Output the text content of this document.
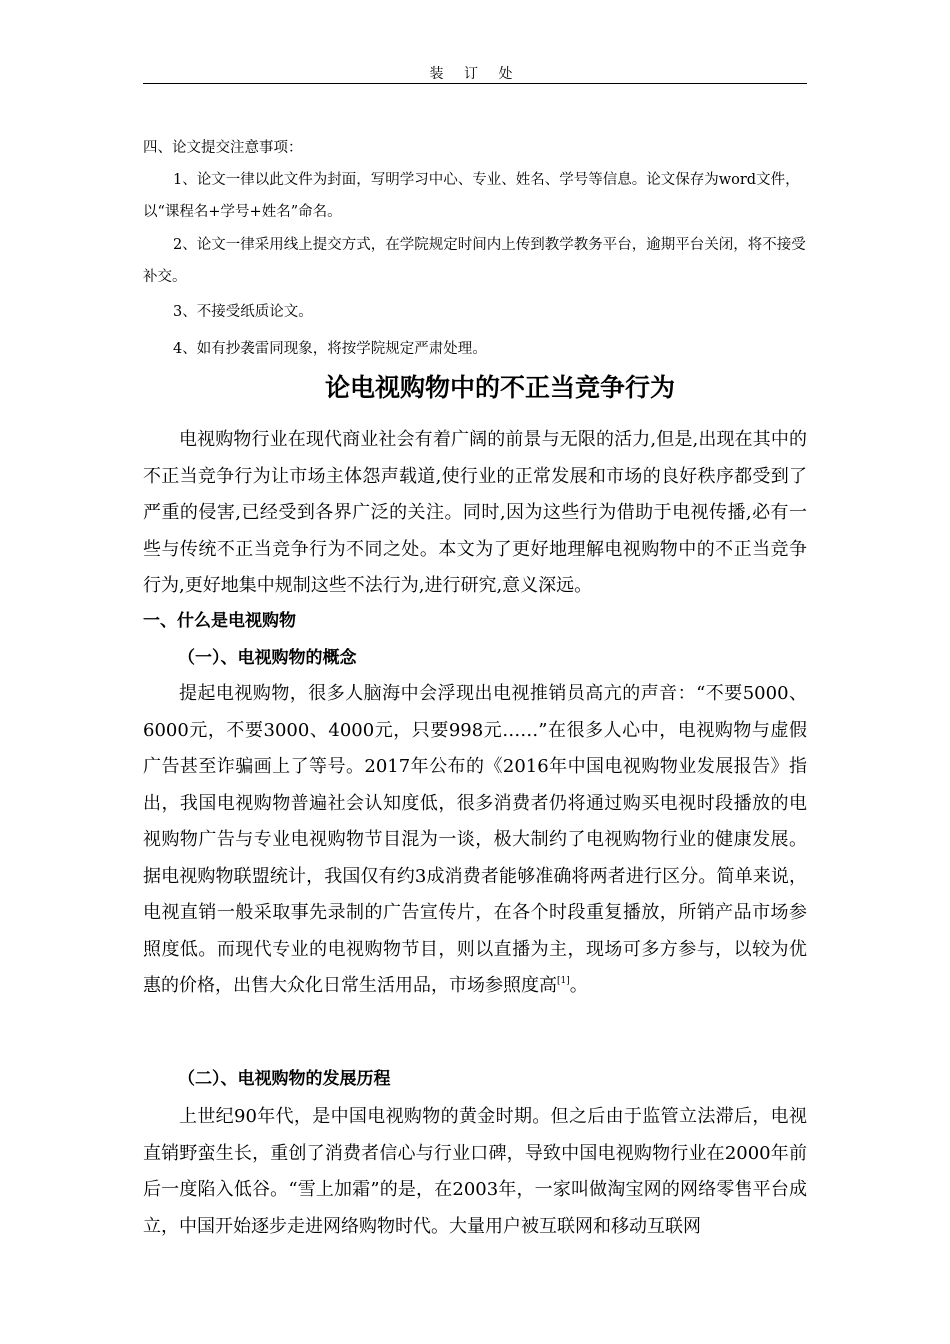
装 订 处
四、论文提交注意事项：
1、论文一律以此文件为封面，写明学习中心、专业、姓名、学号等信息。论文保存为word文件，以“课程名+学号+姓名”命名。
2、论文一律采用线上提交方式，在学院规定时间内上传到教学教务平台，逾期平台关闭，将不接受补交。
3、不接受纸质论文。
4、如有抄袭雷同现象，将按学院规定严肃处理。
论电视购物中的不正当竞争行为
电视购物行业在现代商业社会有着广阔的前景与无限的活力,但是,出现在其中的不正当竞争行为让市场主体怨声载道,使行业的正常发展和市场的良好秩序都受到了严重的侵害,已经受到各界广泛的关注。同时,因为这些行为借助于电视传播,必有一些与传统不正当竞争行为不同之处。本文为了更好地理解电视购物中的不正当竞争行为,更好地集中规制这些不法行为,进行研究,意义深远。
一、什么是电视购物
（一）、电视购物的概念
提起电视购物，很多人脑海中会浮现出电视推销员高亢的声音：“不要5000、6000元，不要3000、4000元，只要998元……”在很多人心中，电视购物与虚假广告甚至诈骗画上了等号。2017年公布的《2016年中国电视购物业发展报告》指出，我国电视购物普遍社会认知度低，很多消费者仍将通过购买电视时段播放的电视购物广告与专业电视购物节目混为一谈，极大制约了电视购物行业的健康发展。据电视购物联盟统计，我国仅有约3成消费者能够准确将两者进行区分。简单来说，电视直销一般采取事先录制的广告宣传片，在各个时段重复播放，所销产品市场参照度低。而现代专业的电视购物节目，则以直播为主，现场可多方参与，以较为优惠的价格，出售大众化日常生活用品，市场参照度高[1]。
（二）、电视购物的发展历程
上世纪90年代，是中国电视购物的黄金时期。但之后由于监管立法滞后，电视直销野蛮生长，重创了消费者信心与行业口碑，导致中国电视购物行业在2000年前后一度陷入低谷。“雪上加霜”的是，在2003年，一家叫做淘宝网的网络零售平台成立，中国开始逐步走进网络购物时代。大量用户被互联网和移动互联网
